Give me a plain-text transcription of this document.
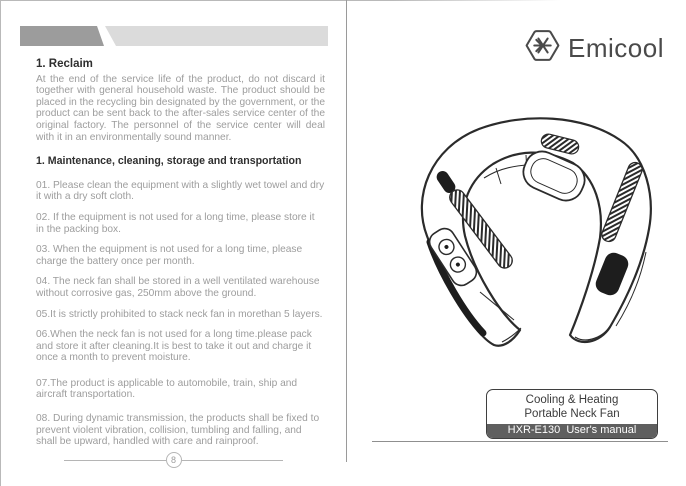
1. Reclaim

At the end of the service life of the product, do not discard it together with general household waste. The product should be placed in the recycling bin designated by the government, or the product can be sent back to the after-sales service center of the original factory. The personnel of the service center will deal with it in an environmentally sound manner.

1. Maintenance, cleaning, storage and transportation

01. Please clean the equipment with a slightly wet towel and dry it with a dry soft cloth.

02. If the equipment is not used for a long time, please store it in the packing box.

03. When the equipment is not used for a long time, please charge the battery once per month.

04. The neck fan shall be stored in a well ventilated warehouse without corrosive gas, 250mm above the ground.

05.It is strictly prohibited to stack neck fan in morethan 5 layers.

06.When the neck fan is not used for a long time.please pack and store it after cleaning.It is best to take it out and charge it once a month to prevent moisture.

07.The product is applicable to automobile, train, ship and aircraft transportation.

08. During dynamic transmission, the products shall be fixed to prevent violent vibration, collision, tumbling and falling, and shall be upward, handled with care and rainproof.

8
Emicool
Cooling & Heating
Portable Neck Fan
HXR-E130  User's manual
